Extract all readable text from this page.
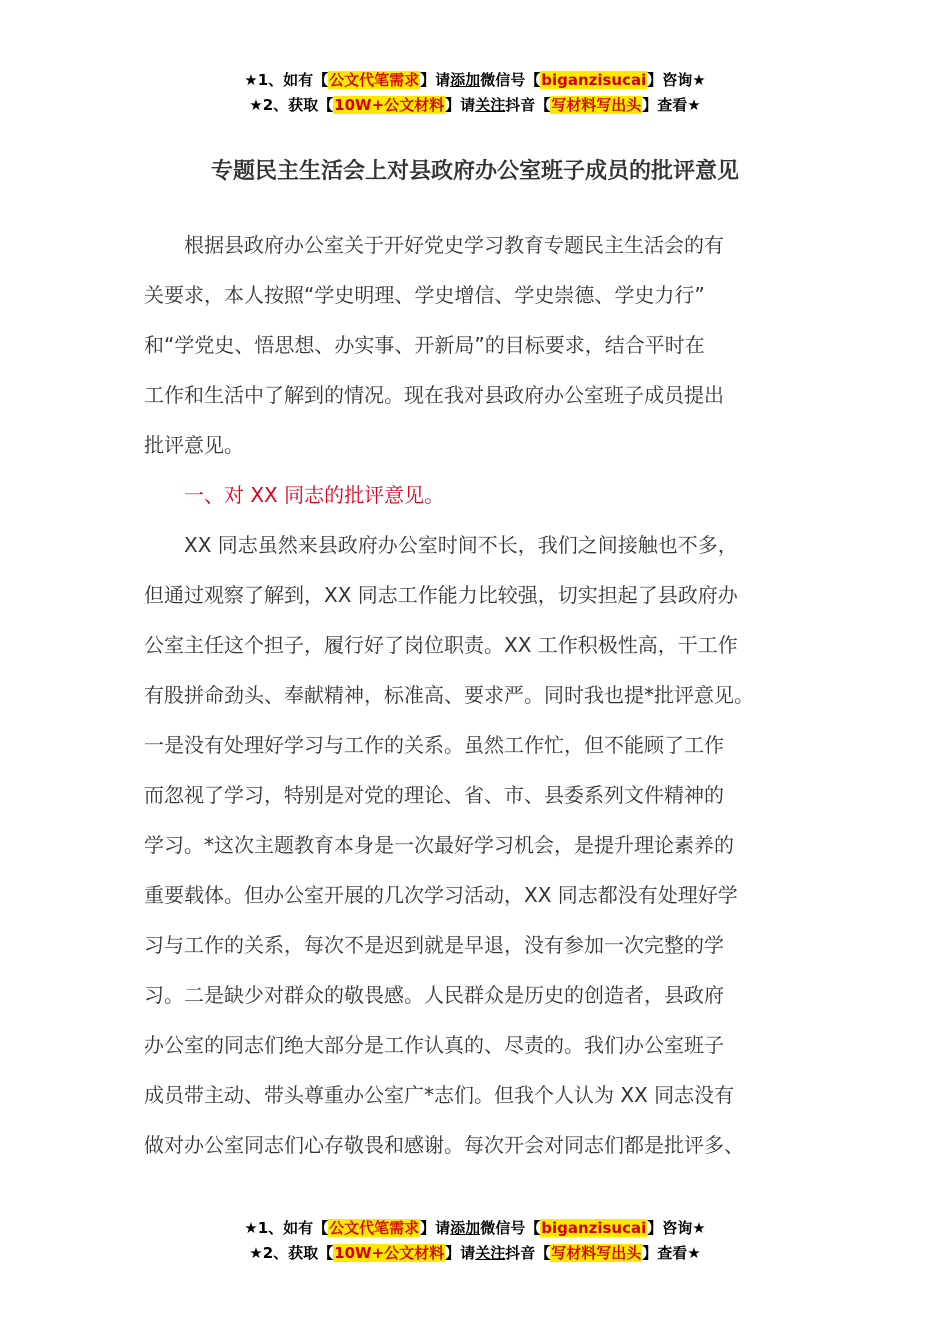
★1、如有【公文代笔需求】请添加微信号【biganzisucai】咨询★
★2、获取【10W+公文材料】请关注抖音【写材料写出头】查看★
专题民主生活会上对县政府办公室班子成员的批评意见
　　根据县政府办公室关于开好党史学习教育专题民主生活会的有
关要求，本人按照“学史明理、学史增信、学史崇德、学史力行”
和“学党史、悟思想、办实事、开新局”的目标要求，结合平时在
工作和生活中了解到的情况。现在我对县政府办公室班子成员提出
批评意见。
　　一、对 XX 同志的批评意见。
　　XX 同志虽然来县政府办公室时间不长，我们之间接触也不多，
但通过观察了解到，XX 同志工作能力比较强，切实担起了县政府办
公室主任这个担子，履行好了岗位职责。XX 工作积极性高，干工作
有股拼命劲头、奉献精神，标准高、要求严。同时我也提*批评意见。
一是没有处理好学习与工作的关系。虽然工作忙，但不能顾了工作
而忽视了学习，特别是对党的理论、省、市、县委系列文件精神的
学习。*这次主题教育本身是一次最好学习机会，是提升理论素养的
重要载体。但办公室开展的几次学习活动，XX 同志都没有处理好学
习与工作的关系，每次不是迟到就是早退，没有参加一次完整的学
习。二是缺少对群众的敬畏感。人民群众是历史的创造者，县政府
办公室的同志们绝大部分是工作认真的、尽责的。我们办公室班子
成员带主动、带头尊重办公室广*志们。但我个人认为 XX 同志没有
做对办公室同志们心存敬畏和感谢。每次开会对同志们都是批评多、
★1、如有【公文代笔需求】请添加微信号【biganzisucai】咨询★
★2、获取【10W+公文材料】请关注抖音【写材料写出头】查看★
